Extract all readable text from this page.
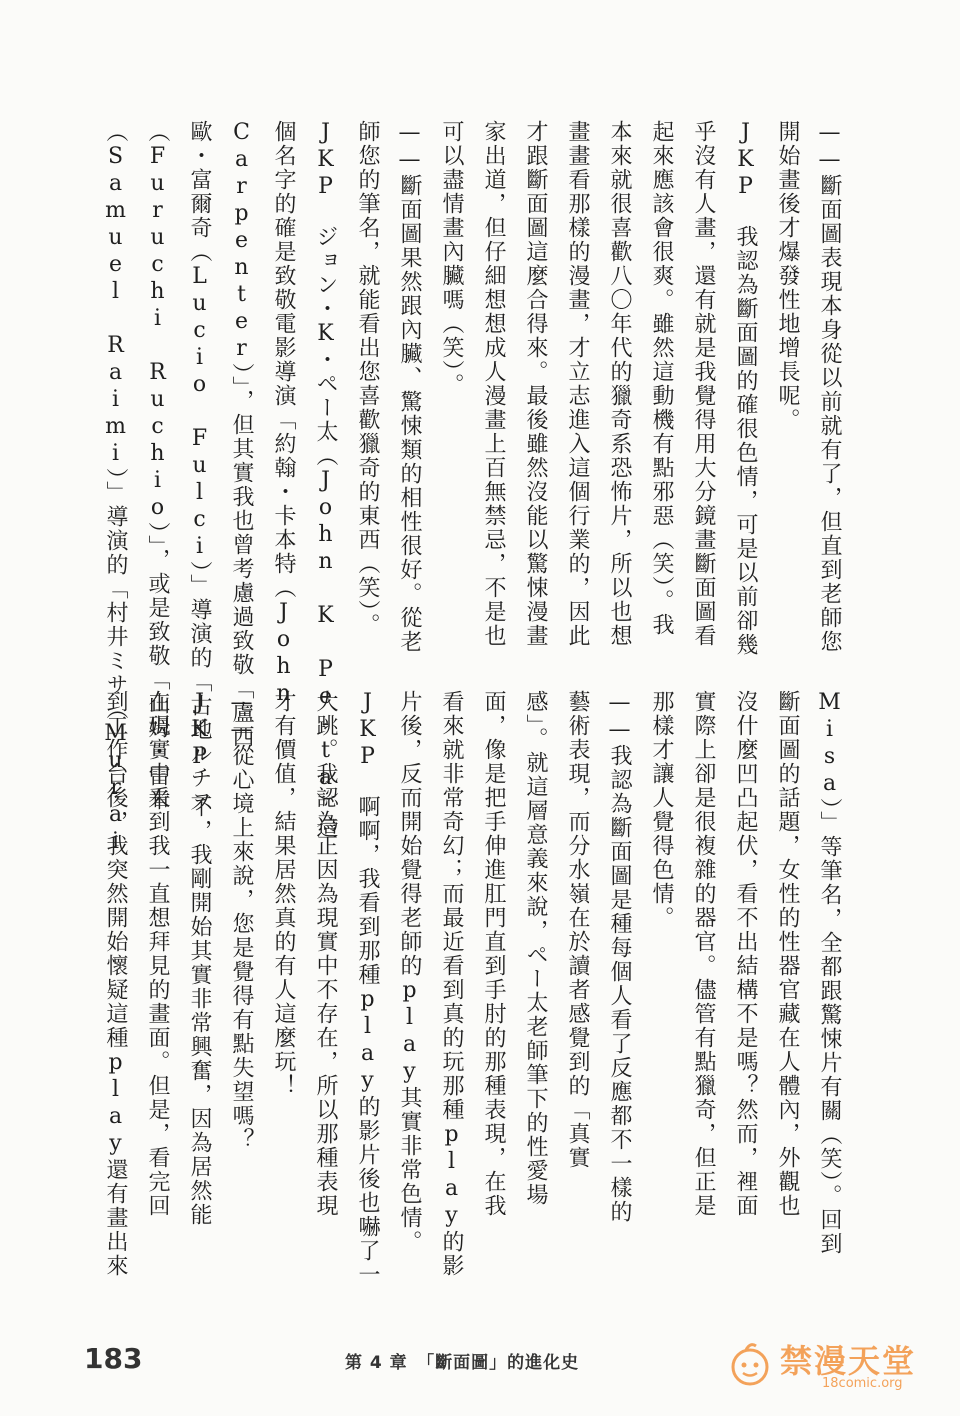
——斷面圖表現本身從以前就有了，但直到老師您
開始畫後才爆發性地增長呢。
JKP　我認為斷面圖的確很色情，可是以前卻幾
乎沒有人畫，還有就是我覺得用大分鏡畫斷面圖看
起來應該會很爽。雖然這動機有點邪惡（笑）。我
本來就很喜歡八〇年代的獵奇系恐怖片，所以也想
畫畫看那樣的漫畫，才立志進入這個行業的，因此
才跟斷面圖這麼合得來。最後雖然沒能以驚悚漫畫
家出道，但仔細想想成人漫畫上百無禁忌，不是也
可以盡情畫內臟嗎（笑）。
——斷面圖果然跟內臟、驚悚類的相性很好。從老
師您的筆名，就能看出您喜歡獵奇的東西（笑）。
JKP　ジョン・K・ペー太（John K Pe-ta）這
個名字的確是致敬電影導演「約翰・卡本特（John
Carpenter）」，但其實我也曾考慮過致敬「盧西
歐・富爾奇（Lucio Fulci）」導演的「古地ルチヲ
（Furuchi Ruchio）」，或是致敬「山姆・雷米
（Samuel Raimi）」導演的「村井ミサ（Murai
Misa）」等筆名，全都跟驚悚片有關（笑）。回到
斷面圖的話題，女性的性器官藏在人體內，外觀也
沒什麼凹凸起伏，看不出結構不是嗎？然而，裡面
實際上卻是很複雜的器官。儘管有點獵奇，但正是
那樣才讓人覺得色情。
——我認為斷面圖是種每個人看了反應都不一樣的
藝術表現，而分水嶺在於讀者感覺到的「真實
感」。就這層意義來說，ペー太老師筆下的性愛場
面，像是把手伸進肛門直到手肘的那種表現，在我
看來就非常奇幻；而最近看到真的玩那種play的影
片後，反而開始覺得老師的play其實非常色情。
JKP　啊啊，我看到那種play的影片後也嚇了一
大跳。我認為正因為現實中不存在，所以那種表現
才有價值，結果居然真的有人這麼玩！
——從心境上來說，您是覺得有點失望嗎？
JKP　不，我剛開始其實非常興奮，因為居然能
在現實中看到我一直想拜見的畫面。但是，看完回
到工作台後，我突然開始懷疑這種play還有畫出來
183	第 4 章　「斷面圖」的進化史	禁漫天堂
18comic.org
